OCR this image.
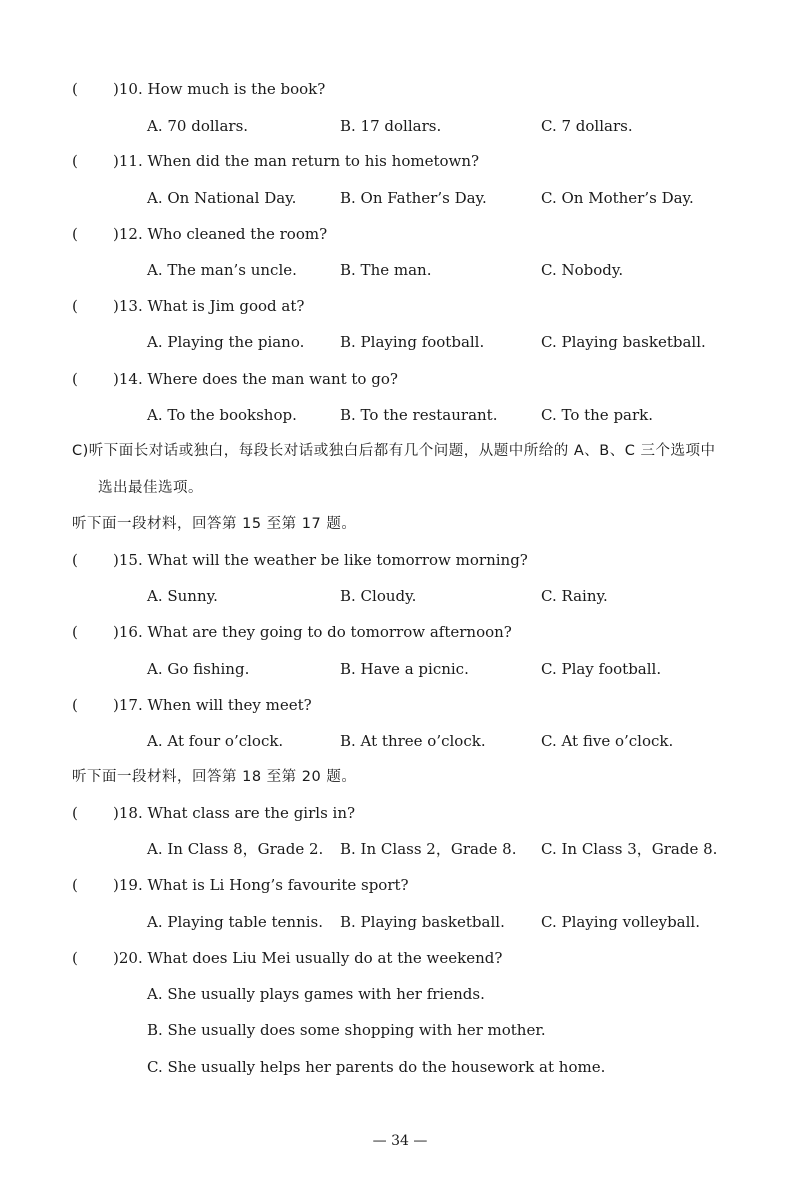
( )10. How much is the book?
A. 70 dollars.	B. 17 dollars.	C. 7 dollars.
( )11. When did the man return to his hometown?
A. On National Day.	B. On Father’s Day.	C. On Mother’s Day.
( )12. Who cleaned the room?
A. The man’s uncle.	B. The man.	C. Nobody.
( )13. What is Jim good at?
A. Playing the piano. B. Playing football.	C. Playing basketball.
( )14. Where does the man want to go?
A. To the bookshop.	B. To the restaurant.	C. To the park.
C)听下面长对话或独白，每段长对话或独白后都有几个问题，从题中所给的 A、B、C 三个选项中
选出最佳选项。
听下面一段材料，回答第 15 至第 17 题。
( )15. What will the weather be like tomorrow morning?
A. Sunny.	B. Cloudy.	C. Rainy.
( )16. What are they going to do tomorrow afternoon?
A. Go fishing.	B. Have a picnic.	C. Play football.
( )17. When will they meet?
A. At four o’clock.	B. At three o’clock.	C. At five o’clock.
听下面一段材料，回答第 18 至第 20 题。
( )18. What class are the girls in?
A. In Class 8，Grade 2. B. In Class 2，Grade 8. C. In Class 3，Grade 8.
( )19. What is Li Hong’s favourite sport?
A. Playing table tennis. B. Playing basketball. C. Playing volleyball.
( )20. What does Liu Mei usually do at the weekend?
A. She usually plays games with her friends.
B. She usually does some shopping with her mother.
C. She usually helps her parents do the housework at home.
— 34 —
